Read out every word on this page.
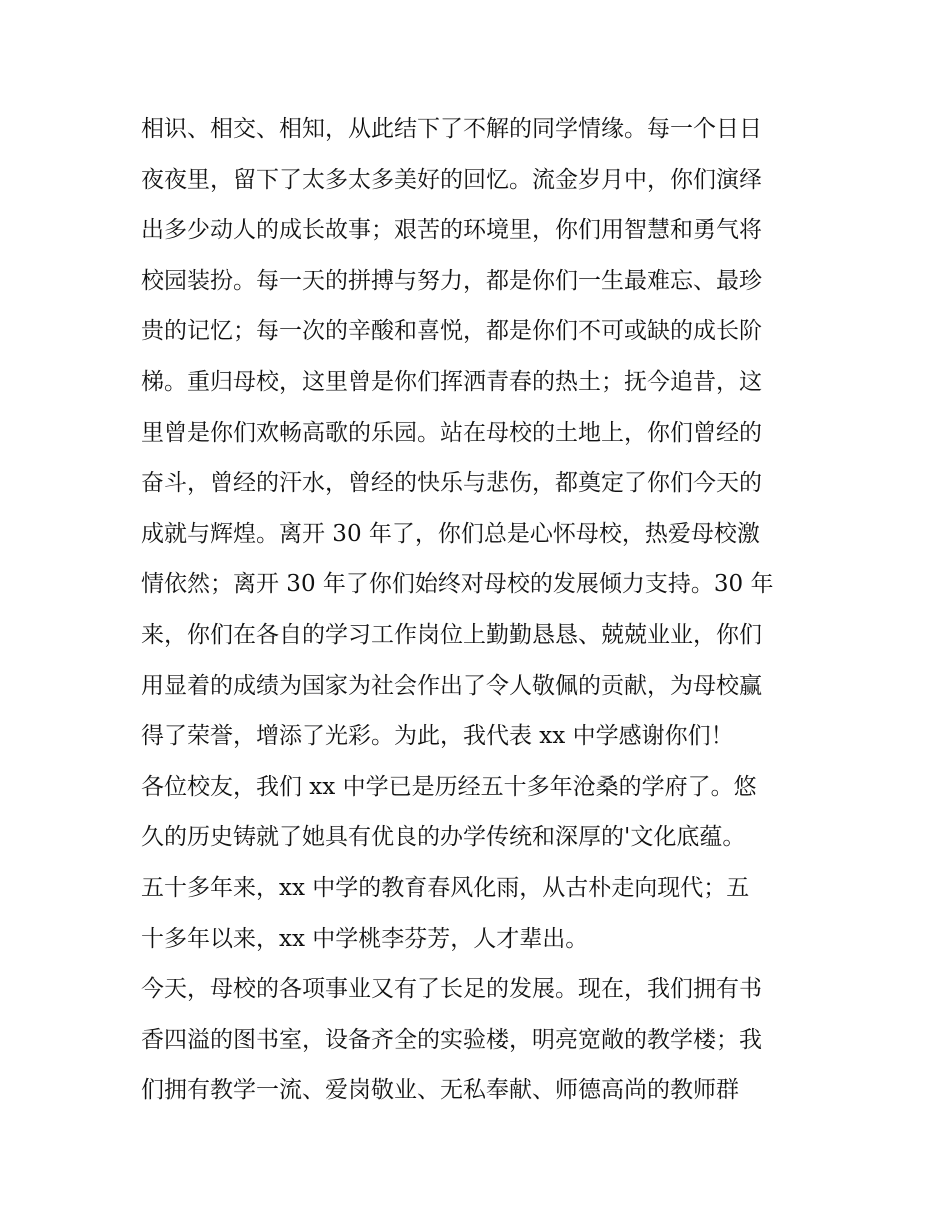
相识、相交、相知，从此结下了不解的同学情缘。每一个日日
夜夜里，留下了太多太多美好的回忆。流金岁月中，你们演绎
出多少动人的成长故事；艰苦的环境里，你们用智慧和勇气将
校园装扮。每一天的拼搏与努力，都是你们一生最难忘、最珍
贵的记忆；每一次的辛酸和喜悦，都是你们不可或缺的成长阶
梯。重归母校，这里曾是你们挥洒青春的热土；抚今追昔，这
里曾是你们欢畅高歌的乐园。站在母校的土地上，你们曾经的
奋斗，曾经的汗水，曾经的快乐与悲伤，都奠定了你们今天的
成就与辉煌。离开 30 年了，你们总是心怀母校，热爱母校激
情依然；离开 30 年了你们始终对母校的发展倾力支持。30 年
来，你们在各自的学习工作岗位上勤勤恳恳、兢兢业业，你们
用显着的成绩为国家为社会作出了令人敬佩的贡献，为母校赢
得了荣誉，增添了光彩。为此，我代表 xx 中学感谢你们！
各位校友，我们 xx 中学已是历经五十多年沧桑的学府了。悠
久的历史铸就了她具有优良的办学传统和深厚的'文化底蕴。
五十多年来，xx 中学的教育春风化雨，从古朴走向现代；五
十多年以来，xx 中学桃李芬芳，人才辈出。
今天，母校的各项事业又有了长足的发展。现在，我们拥有书
香四溢的图书室，设备齐全的实验楼，明亮宽敞的教学楼；我
们拥有教学一流、爱岗敬业、无私奉献、师德高尚的教师群
